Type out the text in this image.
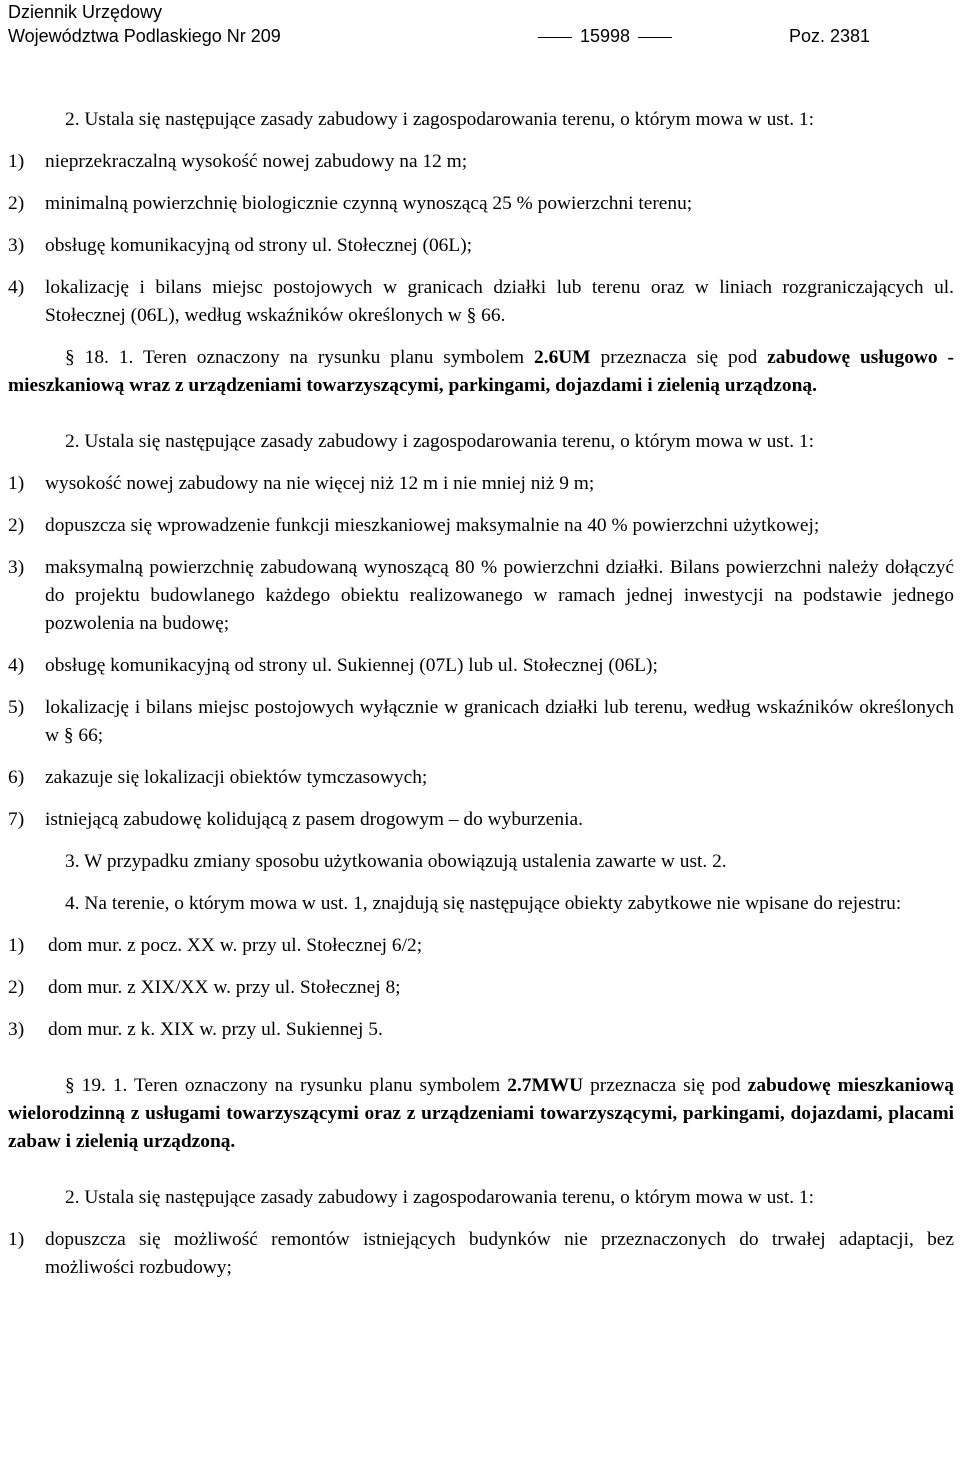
Dziennik Urzędowy
Województwa Podlaskiego Nr 209	15998	Poz. 2381

2. Ustala się następujące zasady zabudowy i zagospodarowania terenu, o którym mowa w ust. 1:

1) nieprzekraczalną wysokość nowej zabudowy na 12 m;
2) minimalną powierzchnię biologicznie czynną wynoszącą 25 % powierzchni terenu;
3) obsługę komunikacyjną od strony ul. Stołecznej (06L);
4) lokalizację i bilans miejsc postojowych w granicach działki lub terenu oraz w liniach rozgraniczających ul. Stołecznej (06L), według wskaźników określonych w § 66.

§ 18. 1. Teren oznaczony na rysunku planu symbolem 2.6UM przeznacza się pod zabudowę usługowo - mieszkaniową wraz z urządzeniami towarzyszącymi, parkingami, dojazdami i zielenią urządzoną.

2. Ustala się następujące zasady zabudowy i zagospodarowania terenu, o którym mowa w ust. 1:

1) wysokość nowej zabudowy na nie więcej niż 12 m i nie mniej niż 9 m;
2) dopuszcza się wprowadzenie funkcji mieszkaniowej maksymalnie na 40 % powierzchni użytkowej;
3) maksymalną powierzchnię zabudowaną wynoszącą 80 % powierzchni działki. Bilans powierzchni należy dołączyć do projektu budowlanego każdego obiektu realizowanego w ramach jednej inwestycji na podstawie jednego pozwolenia na budowę;
4) obsługę komunikacyjną od strony ul. Sukiennej (07L) lub ul. Stołecznej (06L);
5) lokalizację i bilans miejsc postojowych wyłącznie w granicach działki lub terenu, według wskaźników określonych w § 66;
6) zakazuje się lokalizacji obiektów tymczasowych;
7) istniejącą zabudowę kolidującą z pasem drogowym – do wyburzenia.

3. W przypadku zmiany sposobu użytkowania obowiązują ustalenia zawarte w ust. 2.

4. Na terenie, o którym mowa w ust. 1, znajdują się następujące obiekty zabytkowe nie wpisane do rejestru:

1) dom mur. z pocz. XX w. przy ul. Stołecznej 6/2;
2) dom mur. z XIX/XX w. przy ul. Stołecznej 8;
3) dom mur. z k. XIX w. przy ul. Sukiennej 5.

§ 19. 1. Teren oznaczony na rysunku planu symbolem 2.7MWU przeznacza się pod zabudowę mieszkaniową wielorodzinną z usługami towarzyszącymi oraz z urządzeniami towarzyszącymi, parkingami, dojazdami, placami zabaw i zielenią urządzoną.

2. Ustala się następujące zasady zabudowy i zagospodarowania terenu, o którym mowa w ust. 1:

1) dopuszcza się możliwość remontów istniejących budynków nie przeznaczonych do trwałej adaptacji, bez możliwości rozbudowy;
